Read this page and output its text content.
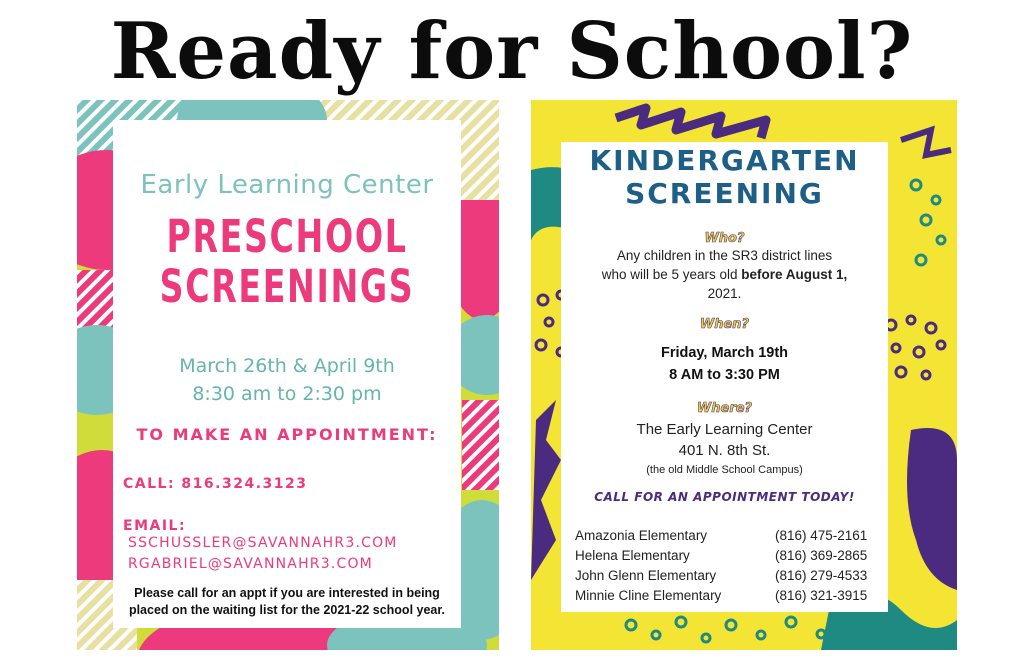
Ready for School?
Early Learning Center
PRESCHOOL
SCREENINGS
March 26th & April 9th
8:30 am to 2:30 pm
TO MAKE AN APPOINTMENT:
CALL: 816.324.3123
EMAIL:
SSCHUSSLER@SAVANNAHR3.COM
RGABRIEL@SAVANNAHR3.COM
Please call for an appt if you are interested in being placed on the waiting list for the 2021-22 school year.
KINDERGARTEN
SCREENING
Who?
Any children in the SR3 district lines
who will be 5 years old before August 1,
2021.
When?
Friday, March 19th
8 AM to 3:30 PM
Where?
The Early Learning Center
401 N. 8th St.
(the old Middle School Campus)
CALL FOR AN APPOINTMENT TODAY!
Amazonia Elementary	(816) 475-2161
Helena Elementary	(816) 369-2865
John Glenn Elementary	(816) 279-4533
Minnie Cline Elementary	(816) 321-3915
